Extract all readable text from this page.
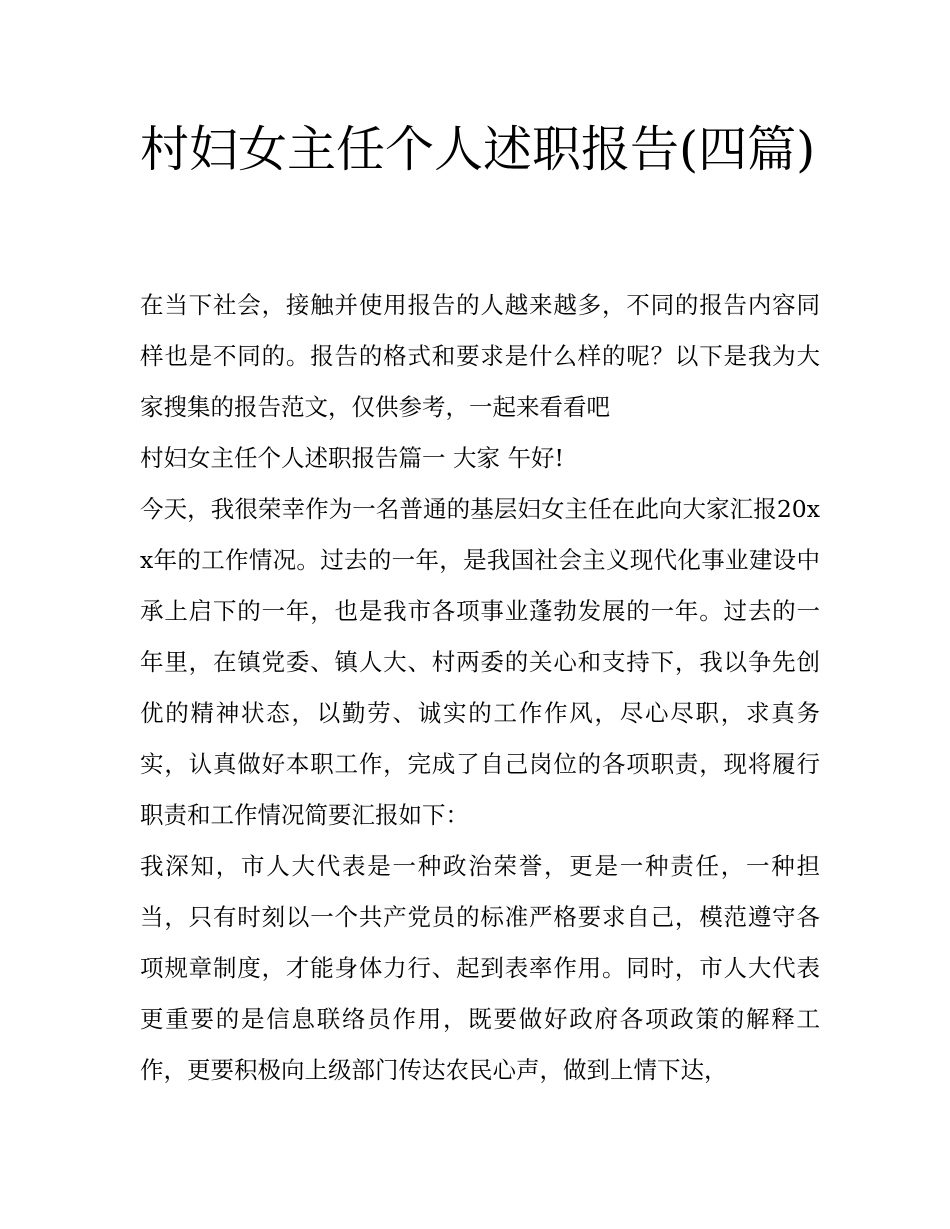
村妇女主任个人述职报告(四篇)

在当下社会，接触并使用报告的人越来越多，不同的报告内容同样也是不同的。报告的格式和要求是什么样的呢？以下是我为大家搜集的报告范文，仅供参考，一起来看看吧

村妇女主任个人述职报告篇一 大家 午好!

今天，我很荣幸作为一名普通的基层妇女主任在此向大家汇报20xx年的工作情况。过去的一年，是我国社会主义现代化事业建设中承上启下的一年，也是我市各项事业蓬勃发展的一年。过去的一年里，在镇党委、镇人大、村两委的关心和支持下，我以争先创优的精神状态，以勤劳、诚实的工作作风，尽心尽职，求真务实，认真做好本职工作，完成了自己岗位的各项职责，现将履行职责和工作情况简要汇报如下：

我深知，市人大代表是一种政治荣誉，更是一种责任，一种担当，只有时刻以一个共产党员的标准严格要求自己，模范遵守各项规章制度，才能身体力行、起到表率作用。同时，市人大代表更重要的是信息联络员作用，既要做好政府各项政策的解释工作，更要积极向上级部门传达农民心声，做到上情下达，
